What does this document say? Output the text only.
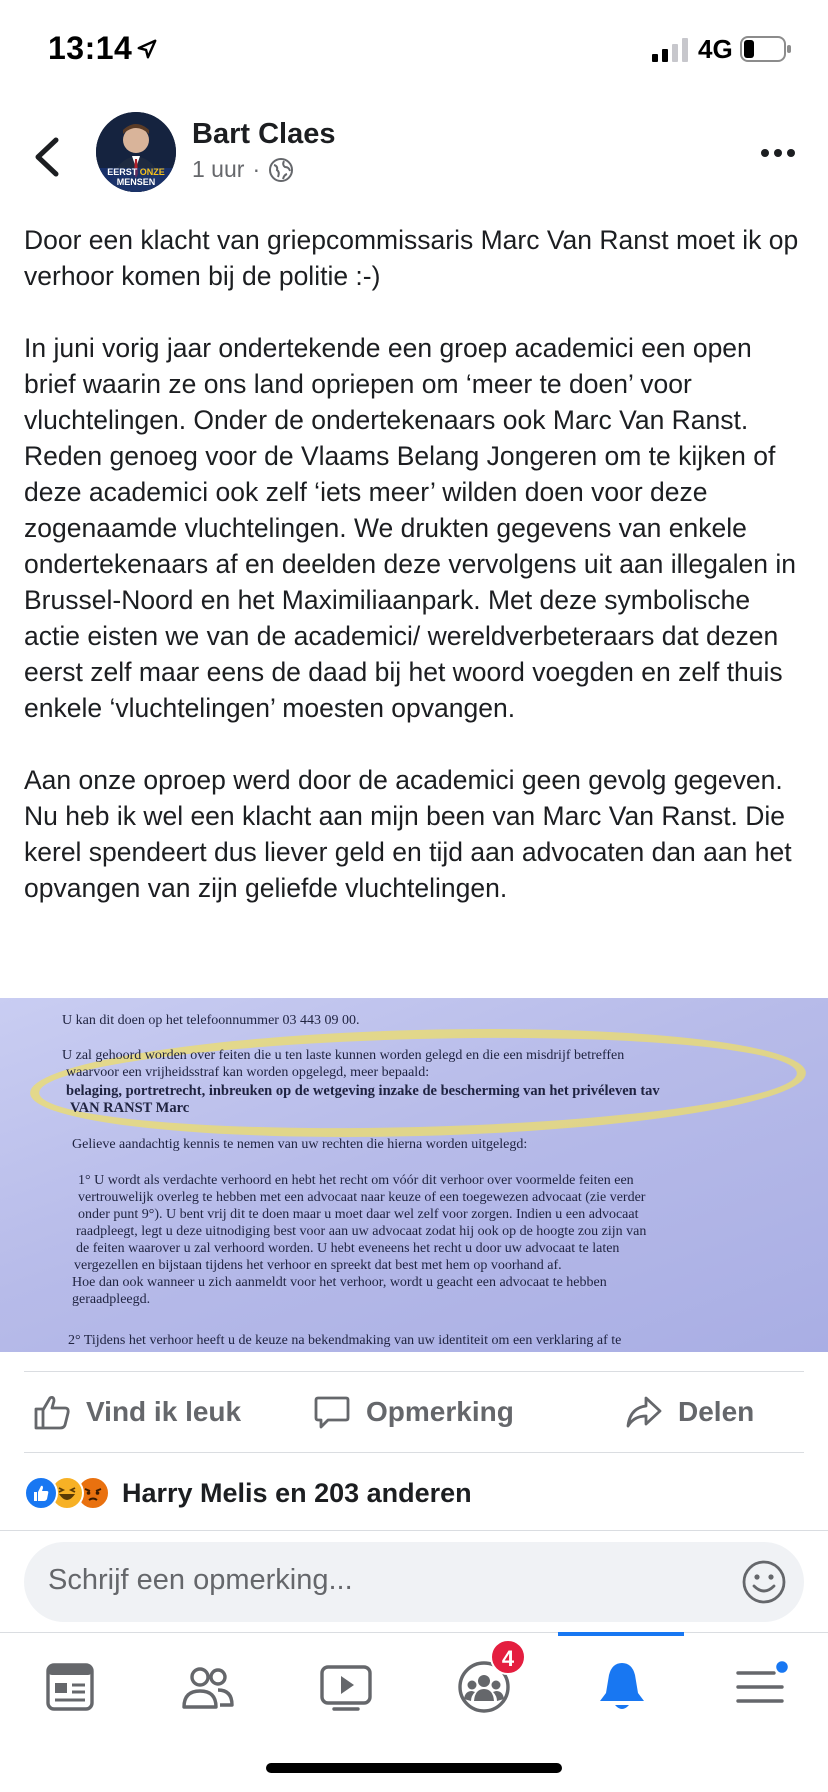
13:14	4G
EERST ONZE
MENSEN
Bart Claes
1 uur ·

Door een klacht van griepcommissaris Marc Van Ranst moet ik op verhoor komen bij de politie :-)

In juni vorig jaar ondertekende een groep academici een open brief waarin ze ons land opriepen om ‘meer te doen’ voor vluchtelingen. Onder de ondertekenaars ook Marc Van Ranst. Reden genoeg voor de Vlaams Belang Jongeren om te kijken of deze academici ook zelf ‘iets meer’ wilden doen voor deze zogenaamde vluchtelingen. We drukten gegevens van enkele ondertekenaars af en deelden deze vervolgens uit aan illegalen in Brussel-Noord en het Maximiliaanpark. Met deze symbolische actie eisten we van de academici/ wereldverbeteraars dat dezen eerst zelf maar eens de daad bij het woord voegden en zelf thuis enkele ‘vluchtelingen’ moesten opvangen.

Aan onze oproep werd door de academici geen gevolg gegeven. Nu heb ik wel een klacht aan mijn been van Marc Van Ranst. Die kerel spendeert dus liever geld en tijd aan advocaten dan aan het opvangen van zijn geliefde vluchtelingen.

U kan dit doen op het telefoonnummer 03 443 09 00.
U zal gehoord worden over feiten die u ten laste kunnen worden gelegd en die een misdrijf betreffen
waarvoor een vrijheidsstraf kan worden opgelegd, meer bepaald:
belaging, portretrecht, inbreuken op de wetgeving inzake de bescherming van het privéleven tav
VAN RANST Marc
Gelieve aandachtig kennis te nemen van uw rechten die hierna worden uitgelegd:
1° U wordt als verdachte verhoord en hebt het recht om vóór dit verhoor over voormelde feiten een
vertrouwelijk overleg te hebben met een advocaat naar keuze of een toegewezen advocaat (zie verder
onder punt 9°). U bent vrij dit te doen maar u moet daar wel zelf voor zorgen. Indien u een advocaat
raadpleegt, legt u deze uitnodiging best voor aan uw advocaat zodat hij ook op de hoogte zou zijn van
de feiten waarover u zal verhoord worden. U hebt eveneens het recht u door uw advocaat te laten
vergezellen en bijstaan tijdens het verhoor en spreekt dat best met hem op voorhand af.
Hoe dan ook wanneer u zich aanmeldt voor het verhoor, wordt u geacht een advocaat te hebben
geraadpleegd.
2° Tijdens het verhoor heeft u de keuze na bekendmaking van uw identiteit om een verklaring af te
Vind ik leuk	Opmerking	Delen
Harry Melis en 203 anderen
Schrijf een opmerking...
4
